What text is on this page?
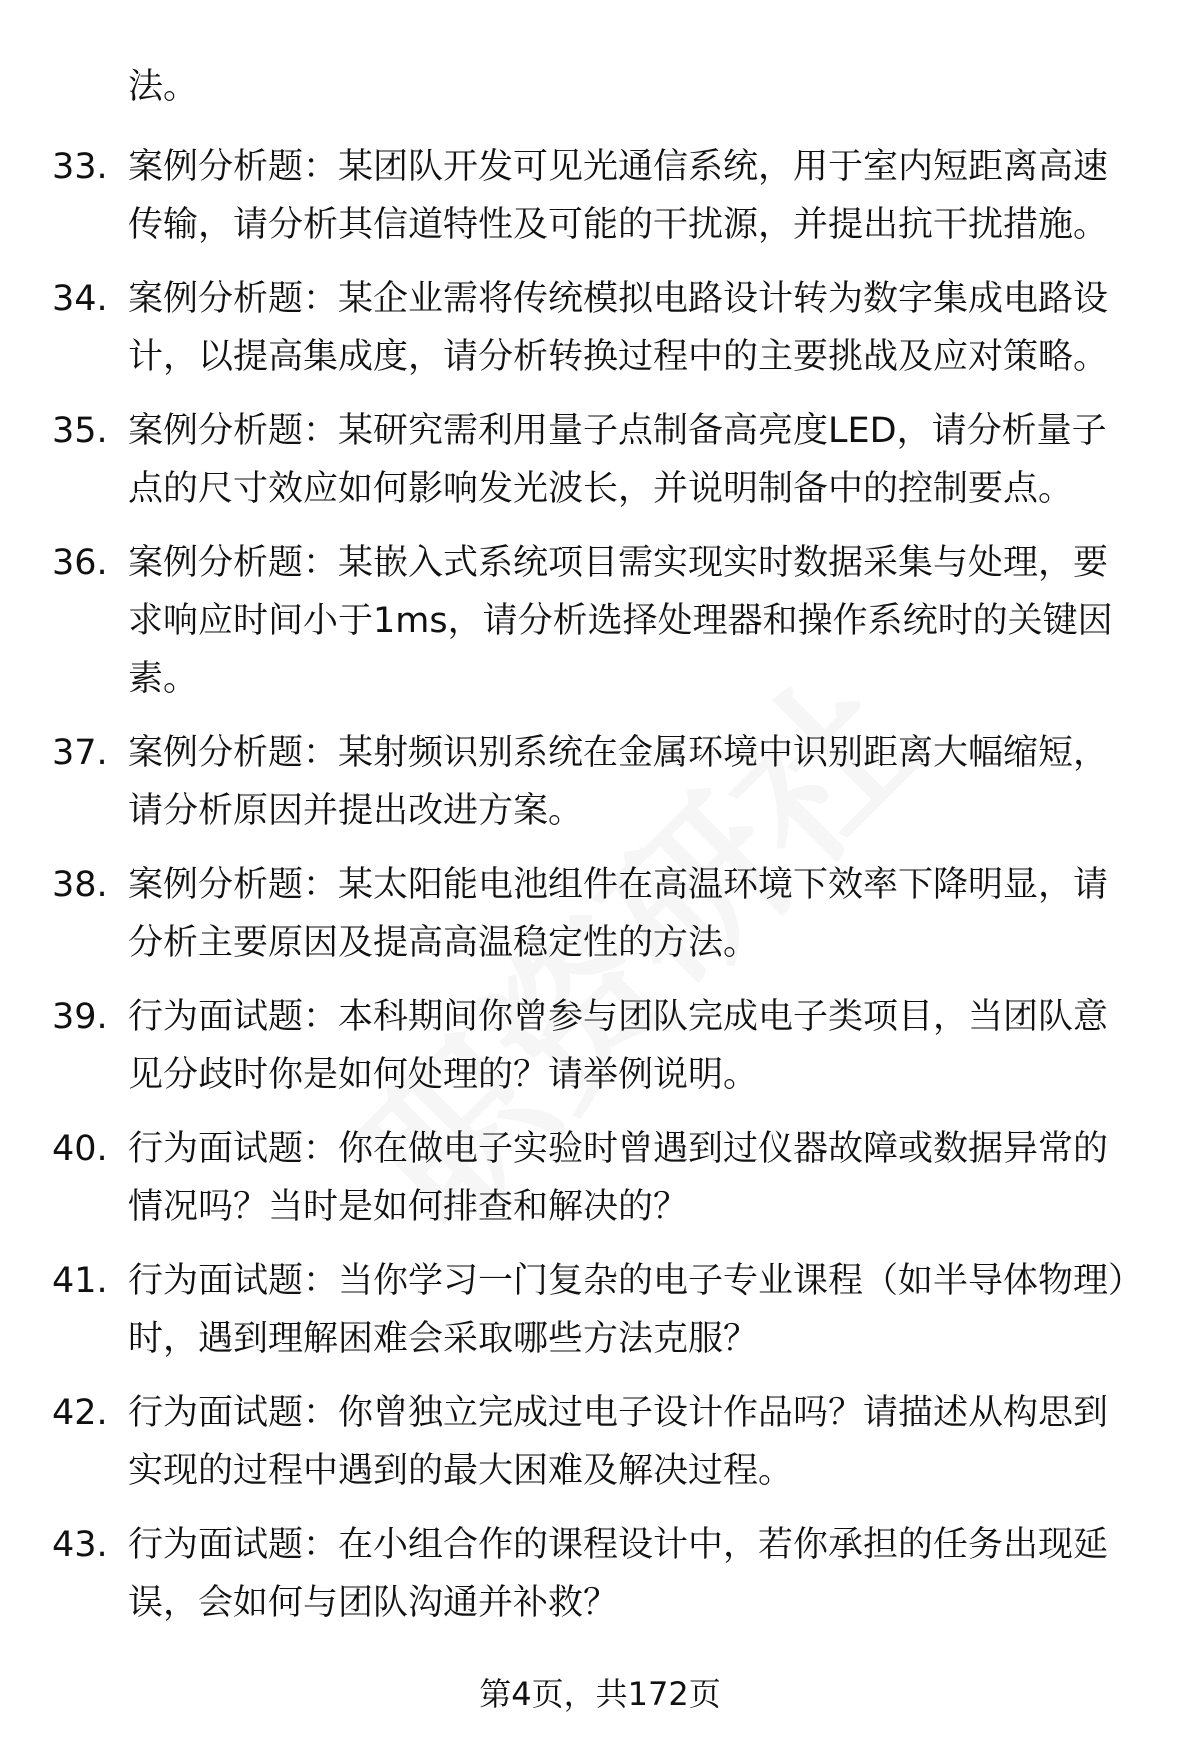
法。

33. 案例分析题：某团队开发可见光通信系统，用于室内短距离高速传输，请分析其信道特性及可能的干扰源，并提出抗干扰措施。

34. 案例分析题：某企业需将传统模拟电路设计转为数字集成电路设计，以提高集成度，请分析转换过程中的主要挑战及应对策略。

35. 案例分析题：某研究需利用量子点制备高亮度LED，请分析量子点的尺寸效应如何影响发光波长，并说明制备中的控制要点。

36. 案例分析题：某嵌入式系统项目需实现实时数据采集与处理，要求响应时间小于1ms，请分析选择处理器和操作系统时的关键因素。

37. 案例分析题：某射频识别系统在金属环境中识别距离大幅缩短，请分析原因并提出改进方案。

38. 案例分析题：某太阳能电池组件在高温环境下效率下降明显，请分析主要原因及提高高温稳定性的方法。

39. 行为面试题：本科期间你曾参与团队完成电子类项目，当团队意见分歧时你是如何处理的？请举例说明。

40. 行为面试题：你在做电子实验时曾遇到过仪器故障或数据异常的情况吗？当时是如何排查和解决的？

41. 行为面试题：当你学习一门复杂的电子专业课程（如半导体物理）时，遇到理解困难会采取哪些方法克服？

42. 行为面试题：你曾独立完成过电子设计作品吗？请描述从构思到实现的过程中遇到的最大困难及解决过程。

43. 行为面试题：在小组合作的课程设计中，若你承担的任务出现延误，会如何与团队沟通并补救？

第4页，共172页
